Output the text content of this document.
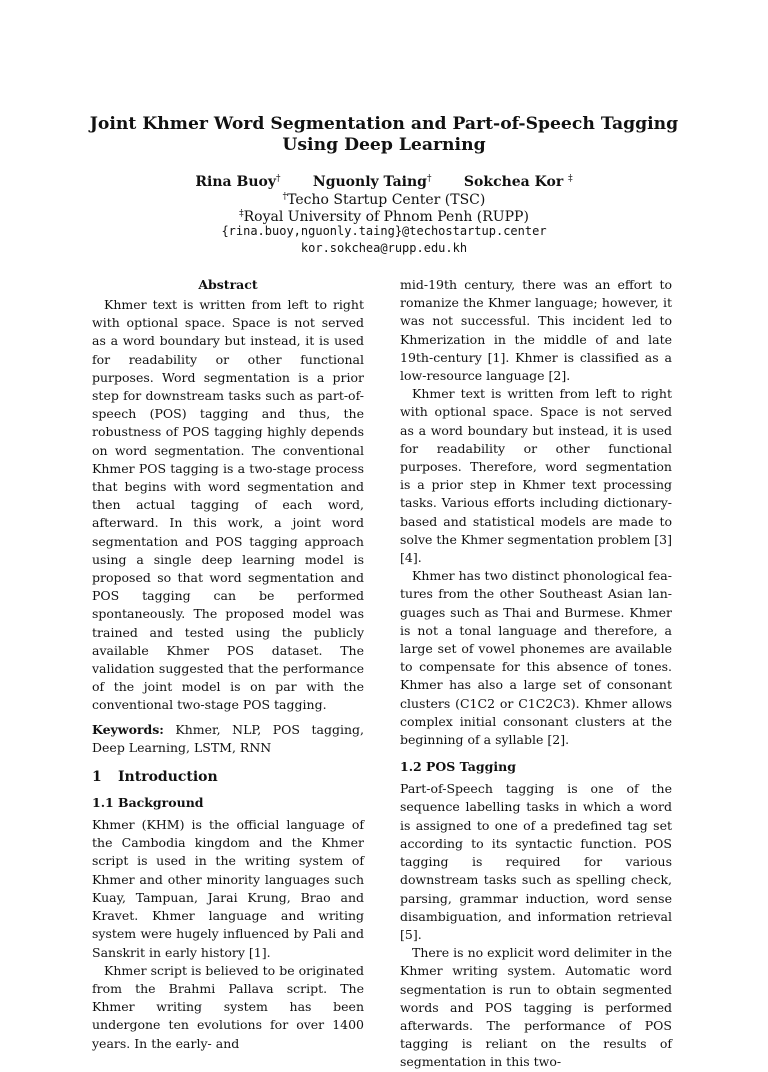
Joint Khmer Word Segmentation and Part-of-Speech Tagging
Using Deep Learning
Rina Buoy† Nguonly Taing† Sokchea Kor ‡
†Techo Startup Center (TSC)
‡Royal University of Phnom Penh (RUPP)
{rina.buoy,nguonly.taing}@techostartup.center
kor.sokchea@rupp.edu.kh
Abstract

Khmer text is written from left to right with optional space. Space is not served as a word boundary but instead, it is used for readability or other functional purposes. Word segmentation is a prior step for downstream tasks such as part-of-speech (POS) tagging and thus, the robustness of POS tagging highly depends on word segmentation. The conventional Khmer POS tagging is a two-stage process that begins with word segmentation and then actual tagging of each word, afterward. In this work, a joint word segmentation and POS tagging approach using a single deep learning model is proposed so that word segmentation and POS tagging can be performed spontaneously. The proposed model was trained and tested using the publicly available Khmer POS dataset. The validation suggested that the performance of the joint model is on par with the conventional two-stage POS tagging.

Keywords: Khmer, NLP, POS tagging, Deep Learning, LSTM, RNN

1 Introduction
1.1 Background

Khmer (KHM) is the official language of the Cambodia kingdom and the Khmer script is used in the writing system of Khmer and other minority languages such Kuay, Tampuan, Jarai Krung, Brao and Kravet. Khmer language and writing system were hugely influenced by Pali and Sanskrit in early history [1].

Khmer script is believed to be originated from the Brahmi Pallava script. The Khmer writing system has been undergone ten evolutions for over 1400 years. In the early- and

mid-19th century, there was an effort to romanize the Khmer language; however, it was not successful. This incident led to Khmerization in the middle of and late 19th-century [1]. Khmer is classified as a low-resource language [2].

Khmer text is written from left to right with optional space. Space is not served as a word boundary but instead, it is used for readability or other functional purposes. Therefore, word segmentation is a prior step in Khmer text processing tasks. Various efforts including dictionary-based and statistical models are made to solve the Khmer segmentation problem [3][4].

Khmer has two distinct phonological features from the other Southeast Asian languages such as Thai and Burmese. Khmer is not a tonal language and therefore, a large set of vowel phonemes are available to compensate for this absence of tones. Khmer has also a large set of consonant clusters (C1C2 or C1C2C3). Khmer allows complex initial consonant clusters at the beginning of a syllable [2].

1.2 POS Tagging

Part-of-Speech tagging is one of the sequence labelling tasks in which a word is assigned to one of a predefined tag set according to its syntactic function. POS tagging is required for various downstream tasks such as spelling check, parsing, grammar induction, word sense disambiguation, and information retrieval [5].

There is no explicit word delimiter in the Khmer writing system. Automatic word segmentation is run to obtain segmented words and POS tagging is performed afterwards. The performance of POS tagging is reliant on the results of segmentation in this two-
